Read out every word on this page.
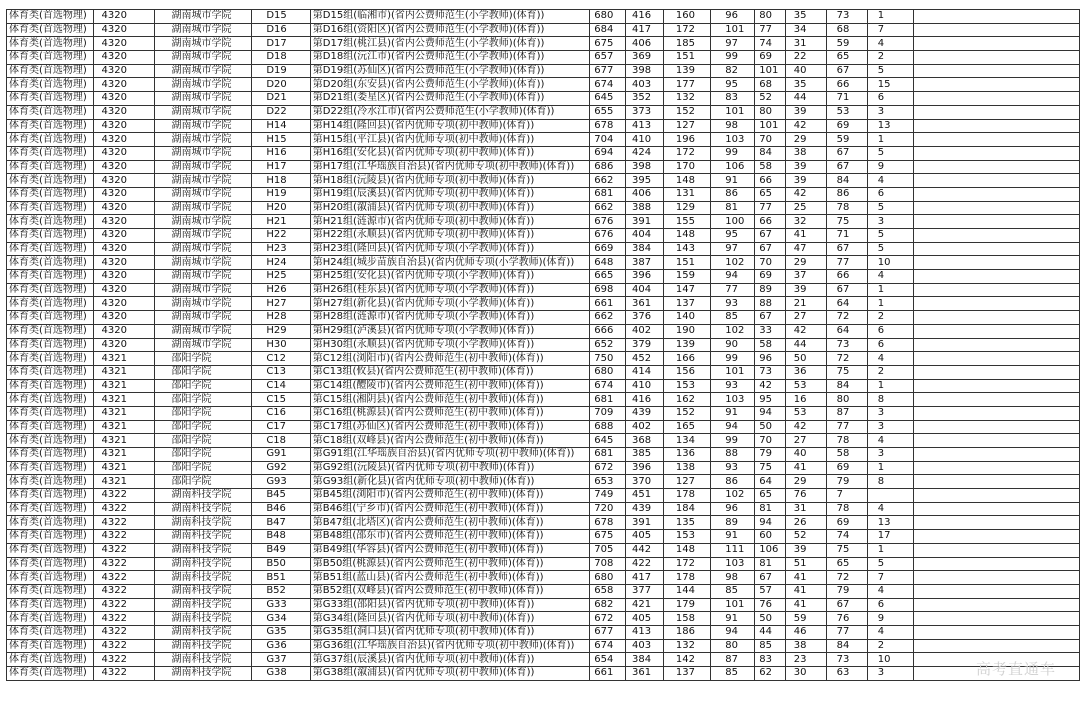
体育类(首选物理)	4320	湖南城市学院	D15	第D15组(临湘市)(省内公费师范生(小学教师)(体育))	680	416	160	96	80	35	73	1	
体育类(首选物理)	4320	湖南城市学院	D16	第D16组(资阳区)(省内公费师范生(小学教师)(体育))	684	417	172	101	77	34	68	7	
体育类(首选物理)	4320	湖南城市学院	D17	第D17组(桃江县)(省内公费师范生(小学教师)(体育))	675	406	185	97	74	31	59	4	
体育类(首选物理)	4320	湖南城市学院	D18	第D18组(沅江市)(省内公费师范生(小学教师)(体育))	657	369	151	99	69	22	65	2	
体育类(首选物理)	4320	湖南城市学院	D19	第D19组(苏仙区)(省内公费师范生(小学教师)(体育))	677	398	139	82	101	40	67	5	
体育类(首选物理)	4320	湖南城市学院	D20	第D20组(东安县)(省内公费师范生(小学教师)(体育))	674	403	177	95	68	35	66	15	
体育类(首选物理)	4320	湖南城市学院	D21	第D21组(娄星区)(省内公费师范生(小学教师)(体育))	645	352	132	83	52	44	71	6	
体育类(首选物理)	4320	湖南城市学院	D22	第D22组(冷水江市)(省内公费师范生(小学教师)(体育))	655	373	152	101	80	39	53	3	
体育类(首选物理)	4320	湖南城市学院	H14	第H14组(隆回县)(省内优师专项(初中教师)(体育))	678	413	127	98	101	42	69	13	
体育类(首选物理)	4320	湖南城市学院	H15	第H15组(平江县)(省内优师专项(初中教师)(体育))	704	410	196	103	70	29	59	1	
体育类(首选物理)	4320	湖南城市学院	H16	第H16组(安化县)(省内优师专项(初中教师)(体育))	694	424	172	99	84	38	67	5	
体育类(首选物理)	4320	湖南城市学院	H17	第H17组(江华瑶族自治县)(省内优师专项(初中教师)(体育))	686	398	170	106	58	39	67	9	
体育类(首选物理)	4320	湖南城市学院	H18	第H18组(沅陵县)(省内优师专项(初中教师)(体育))	662	395	148	91	66	39	84	4	
体育类(首选物理)	4320	湖南城市学院	H19	第H19组(辰溪县)(省内优师专项(初中教师)(体育))	681	406	131	86	65	42	86	6	
体育类(首选物理)	4320	湖南城市学院	H20	第H20组(溆浦县)(省内优师专项(初中教师)(体育))	662	388	129	81	77	25	78	5	
体育类(首选物理)	4320	湖南城市学院	H21	第H21组(涟源市)(省内优师专项(初中教师)(体育))	676	391	155	100	66	32	75	3	
体育类(首选物理)	4320	湖南城市学院	H22	第H22组(永顺县)(省内优师专项(初中教师)(体育))	676	404	148	95	67	41	71	5	
体育类(首选物理)	4320	湖南城市学院	H23	第H23组(隆回县)(省内优师专项(小学教师)(体育))	669	384	143	97	67	47	67	5	
体育类(首选物理)	4320	湖南城市学院	H24	第H24组(城步苗族自治县)(省内优师专项(小学教师)(体育))	648	387	151	102	70	29	77	10	
体育类(首选物理)	4320	湖南城市学院	H25	第H25组(安化县)(省内优师专项(小学教师)(体育))	665	396	159	94	69	37	66	4	
体育类(首选物理)	4320	湖南城市学院	H26	第H26组(桂东县)(省内优师专项(小学教师)(体育))	698	404	147	77	89	39	67	1	
体育类(首选物理)	4320	湖南城市学院	H27	第H27组(新化县)(省内优师专项(小学教师)(体育))	661	361	137	93	88	21	64	1	
体育类(首选物理)	4320	湖南城市学院	H28	第H28组(涟源市)(省内优师专项(小学教师)(体育))	662	376	140	85	67	27	72	2	
体育类(首选物理)	4320	湖南城市学院	H29	第H29组(泸溪县)(省内优师专项(小学教师)(体育))	666	402	190	102	33	42	64	6	
体育类(首选物理)	4320	湖南城市学院	H30	第H30组(永顺县)(省内优师专项(小学教师)(体育))	652	379	139	90	58	44	73	6	
体育类(首选物理)	4321	邵阳学院	C12	第C12组(浏阳市)(省内公费师范生(初中教师)(体育))	750	452	166	99	96	50	72	4	
体育类(首选物理)	4321	邵阳学院	C13	第C13组(攸县)(省内公费师范生(初中教师)(体育))	680	414	156	101	73	36	75	2	
体育类(首选物理)	4321	邵阳学院	C14	第C14组(醴陵市)(省内公费师范生(初中教师)(体育))	674	410	153	93	42	53	84	1	
体育类(首选物理)	4321	邵阳学院	C15	第C15组(湘阴县)(省内公费师范生(初中教师)(体育))	681	416	162	103	95	16	80	8	
体育类(首选物理)	4321	邵阳学院	C16	第C16组(桃源县)(省内公费师范生(初中教师)(体育))	709	439	152	91	94	53	87	3	
体育类(首选物理)	4321	邵阳学院	C17	第C17组(苏仙区)(省内公费师范生(初中教师)(体育))	688	402	165	94	50	42	77	3	
体育类(首选物理)	4321	邵阳学院	C18	第C18组(双峰县)(省内公费师范生(初中教师)(体育))	645	368	134	99	70	27	78	4	
体育类(首选物理)	4321	邵阳学院	G91	第G91组(江华瑶族自治县)(省内优师专项(初中教师)(体育))	681	385	136	88	79	40	58	3	
体育类(首选物理)	4321	邵阳学院	G92	第G92组(沅陵县)(省内优师专项(初中教师)(体育))	672	396	138	93	75	41	69	1	
体育类(首选物理)	4321	邵阳学院	G93	第G93组(新化县)(省内优师专项(初中教师)(体育))	653	370	127	86	64	29	79	8	
体育类(首选物理)	4322	湖南科技学院	B45	第B45组(浏阳市)(省内公费师范生(初中教师)(体育))	749	451	178	102	65	76	7		
体育类(首选物理)	4322	湖南科技学院	B46	第B46组(宁乡市)(省内公费师范生(初中教师)(体育))	720	439	184	96	81	31	78	4	
体育类(首选物理)	4322	湖南科技学院	B47	第B47组(北塔区)(省内公费师范生(初中教师)(体育))	678	391	135	89	94	26	69	13	
体育类(首选物理)	4322	湖南科技学院	B48	第B48组(邵东市)(省内公费师范生(初中教师)(体育))	675	405	153	91	60	52	74	17	
体育类(首选物理)	4322	湖南科技学院	B49	第B49组(华容县)(省内公费师范生(初中教师)(体育))	705	442	148	111	106	39	75	1	
体育类(首选物理)	4322	湖南科技学院	B50	第B50组(桃源县)(省内公费师范生(初中教师)(体育))	708	422	172	103	81	51	65	5	
体育类(首选物理)	4322	湖南科技学院	B51	第B51组(蓝山县)(省内公费师范生(初中教师)(体育))	680	417	178	98	67	41	72	7	
体育类(首选物理)	4322	湖南科技学院	B52	第B52组(双峰县)(省内公费师范生(初中教师)(体育))	658	377	144	85	57	41	79	4	
体育类(首选物理)	4322	湖南科技学院	G33	第G33组(邵阳县)(省内优师专项(初中教师)(体育))	682	421	179	101	76	41	67	6	
体育类(首选物理)	4322	湖南科技学院	G34	第G34组(隆回县)(省内优师专项(初中教师)(体育))	672	405	158	91	50	59	76	9	
体育类(首选物理)	4322	湖南科技学院	G35	第G35组(洞口县)(省内优师专项(初中教师)(体育))	677	413	186	94	44	46	77	4	
体育类(首选物理)	4322	湖南科技学院	G36	第G36组(江华瑶族自治县)(省内优师专项(初中教师)(体育))	674	403	132	80	85	38	84	2	
体育类(首选物理)	4322	湖南科技学院	G37	第G37组(辰溪县)(省内优师专项(初中教师)(体育))	654	384	142	87	83	23	73	10	
体育类(首选物理)	4322	湖南科技学院	G38	第G38组(溆浦县)(省内优师专项(初中教师)(体育))	661	361	137	85	62	30	63	3		高考直通车
